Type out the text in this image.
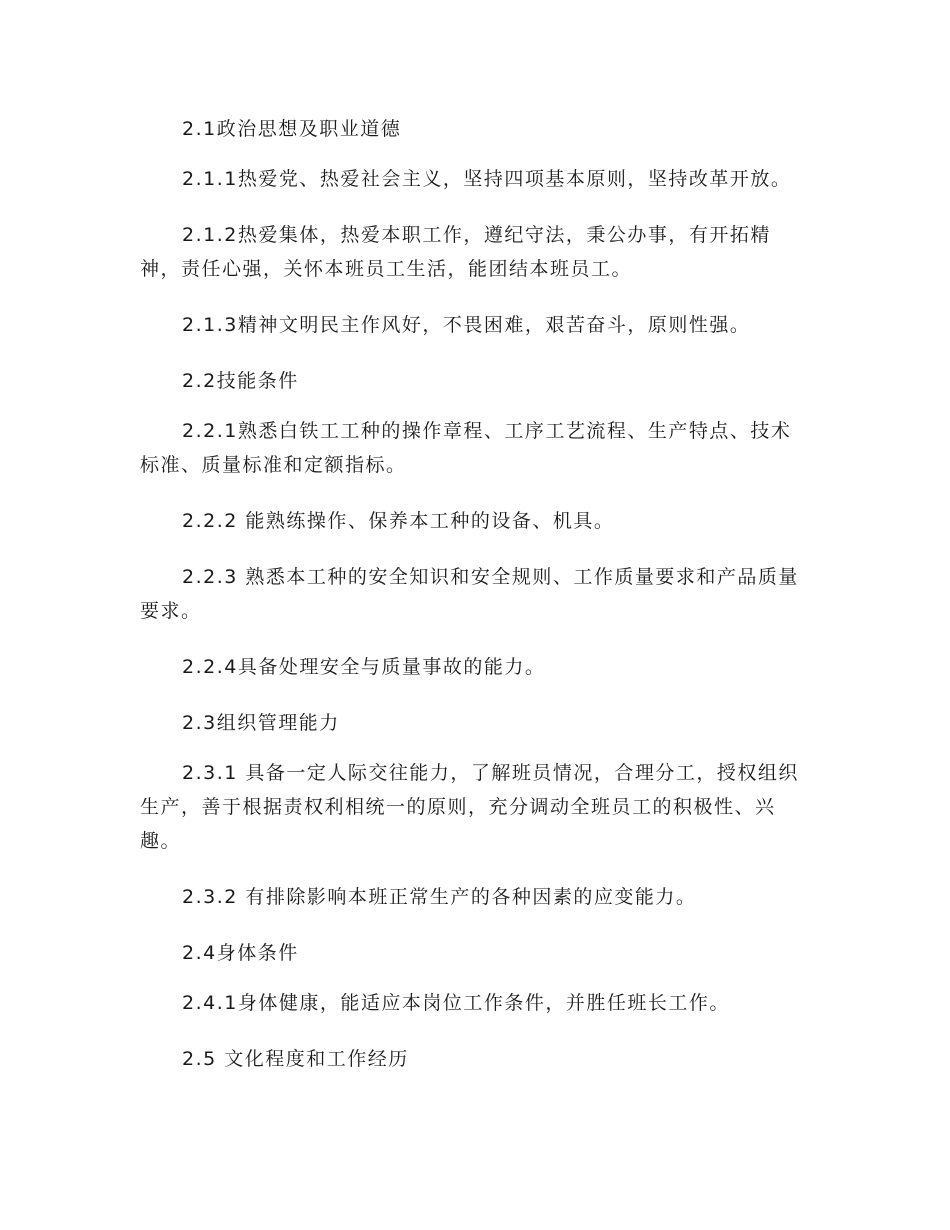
2.1政治思想及职业道德

2.1.1热爱党、热爱社会主义，坚持四项基本原则，坚持改革开放。

2.1.2热爱集体，热爱本职工作，遵纪守法，秉公办事，有开拓精神，责任心强，关怀本班员工生活，能团结本班员工。

2.1.3精神文明民主作风好，不畏困难，艰苦奋斗，原则性强。

2.2技能条件

2.2.1熟悉白铁工工种的操作章程、工序工艺流程、生产特点、技术标准、质量标准和定额指标。

2.2.2 能熟练操作、保养本工种的设备、机具。

2.2.3 熟悉本工种的安全知识和安全规则、工作质量要求和产品质量要求。

2.2.4具备处理安全与质量事故的能力。

2.3组织管理能力

2.3.1 具备一定人际交往能力，了解班员情况，合理分工，授权组织生产，善于根据责权利相统一的原则，充分调动全班员工的积极性、兴趣。

2.3.2 有排除影响本班正常生产的各种因素的应变能力。

2.4身体条件

2.4.1身体健康，能适应本岗位工作条件，并胜任班长工作。

2.5 文化程度和工作经历
